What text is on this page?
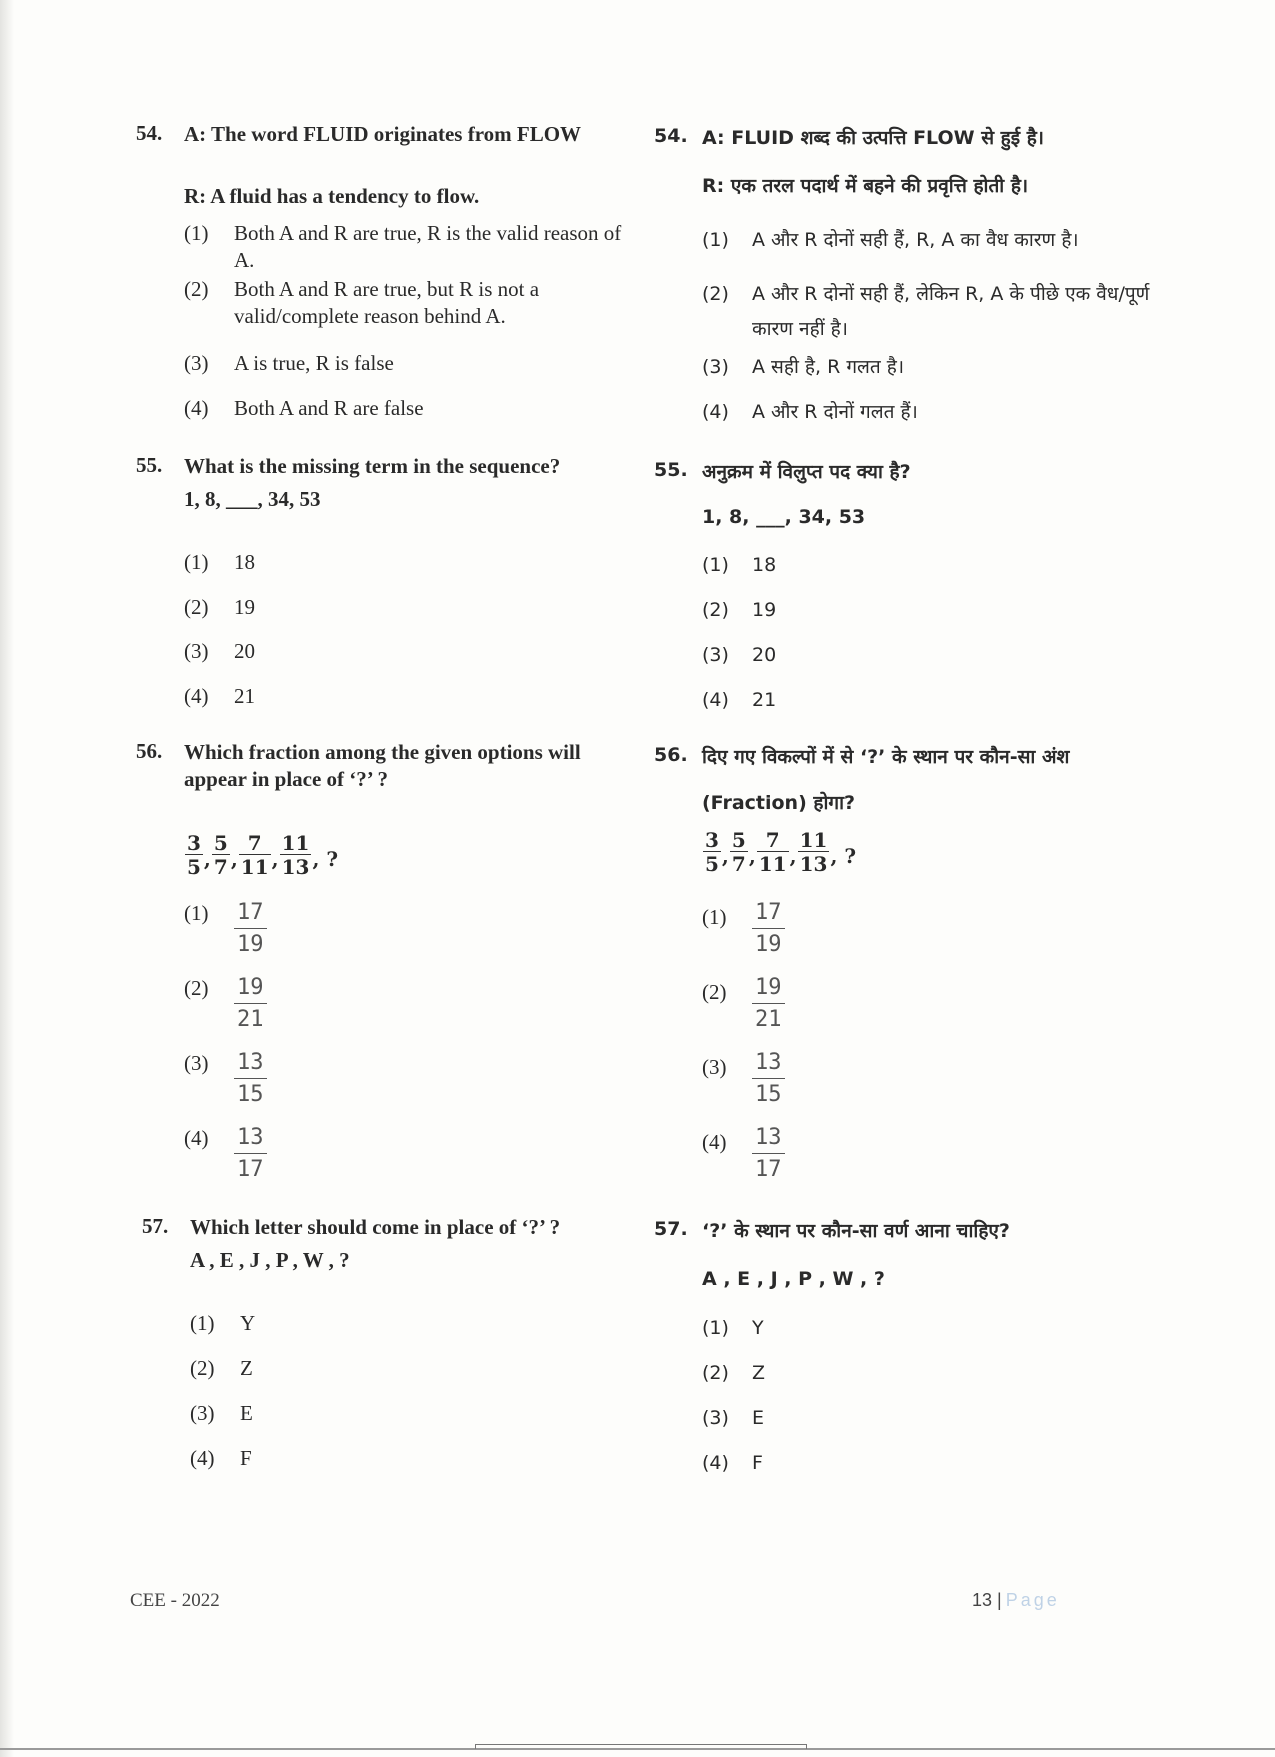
54. A: The word FLUID originates from FLOW
R: A fluid has a tendency to flow.
(1) Both A and R are true, R is the valid reason of A.
(2) Both A and R are true, but R is not a valid/complete reason behind A.
(3) A is true, R is false
(4) Both A and R are false
55. What is the missing term in the sequence?
1, 8, ___, 34, 53
(1) 18
(2) 19
(3) 20
(4) 21
56. Which fraction among the given options will appear in place of ‘?’ ?
$\frac{3}{5}$ , $\frac{5}{7}$ , $\frac{7}{11}$ , $\frac{11}{13}$ , ?
(1) 17
19
(2) 19
21
(3) 13
15
(4) 13
17
57. Which letter should come in place of ‘?’ ?
A , E , J , P , W , ?
(1) Y
(2) Z
(3) E
(4) F
54. A: FLUID शब्द की उत्पत्ति FLOW से हुई है।
R: एक तरल पदार्थ में बहने की प्रवृत्ति होती है।
(1) A और R दोनों सही हैं, R, A का वैध कारण है।
(2) A और R दोनों सही हैं, लेकिन R, A के पीछे एक वैध/पूर्ण कारण नहीं है।
(3) A सही है, R गलत है।
(4) A और R दोनों गलत हैं।
55. अनुक्रम में विलुप्त पद क्या है?
1, 8, ___, 34, 53
(1) 18
(2) 19
(3) 20
(4) 21
56. दिए गए विकल्पों में से ‘?’ के स्थान पर कौन-सा अंश (Fraction) होगा?
$\frac{3}{5}$ , $\frac{5}{7}$ , $\frac{7}{11}$ , $\frac{11}{13}$ , ?
(1) 17
19
(2) 19
21
(3) 13
15
(4) 13
17
57. ‘?’ के स्थान पर कौन-सा वर्ण आना चाहिए?
A , E , J , P , W , ?
(1) Y
(2) Z
(3) E
(4) F
CEE - 2022	13 | Page
